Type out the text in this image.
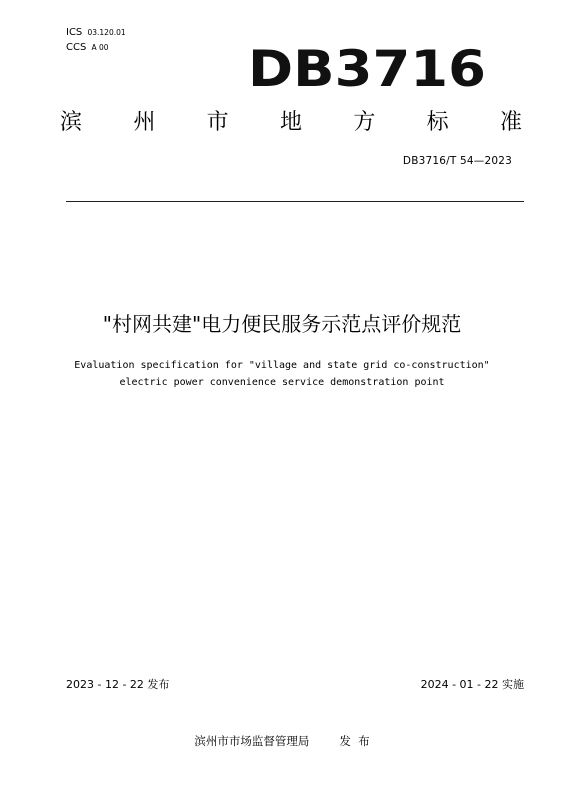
ICS 03.120.01
CCS A 00	DB3716
滨 州 市 地 方 标 准
DB3716/T 54—2023
"村网共建"电力便民服务示范点评价规范
Evaluation specification for "village and state grid co-construction"
electric power convenience service demonstration point
2023 - 12 - 22 发布	2024 - 01 - 22 实施
滨州市市场监督管理局	发  布
